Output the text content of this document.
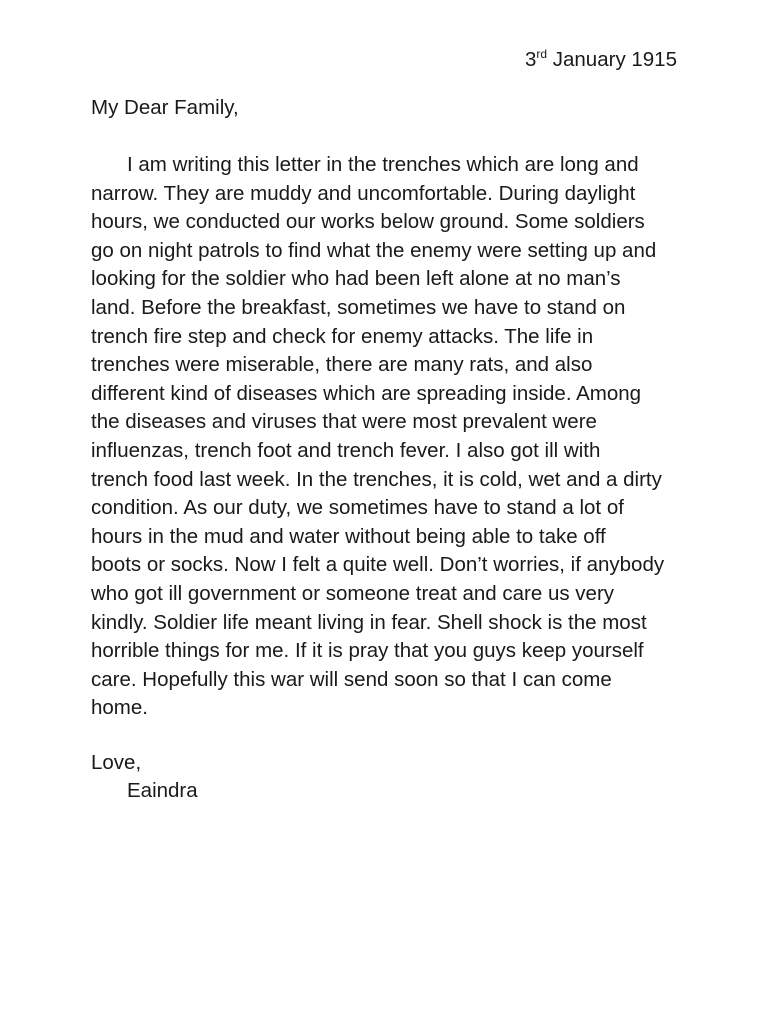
3rd January 1915
My Dear Family,
I am writing this letter in the trenches which are long and
narrow. They are muddy and uncomfortable. During daylight
hours, we conducted our works below ground. Some soldiers
go on night patrols to find what the enemy were setting up and
looking for the soldier who had been left alone at no man’s
land. Before the breakfast, sometimes we have to stand on
trench fire step and check for enemy attacks. The life in
trenches were miserable, there are many rats, and also
different kind of diseases which are spreading inside. Among
the diseases and viruses that were most prevalent were
influenzas, trench foot and trench fever. I also got ill with
trench food last week. In the trenches, it is cold, wet and a dirty
condition. As our duty, we sometimes have to stand a lot of
hours in the mud and water without being able to take off
boots or socks. Now I felt a quite well. Don’t worries, if anybody
who got ill government or someone treat and care us very
kindly. Soldier life meant living in fear. Shell shock is the most
horrible things for me. If it is pray that you guys keep yourself
care. Hopefully this war will send soon so that I can come
home.
Love,
Eaindra
